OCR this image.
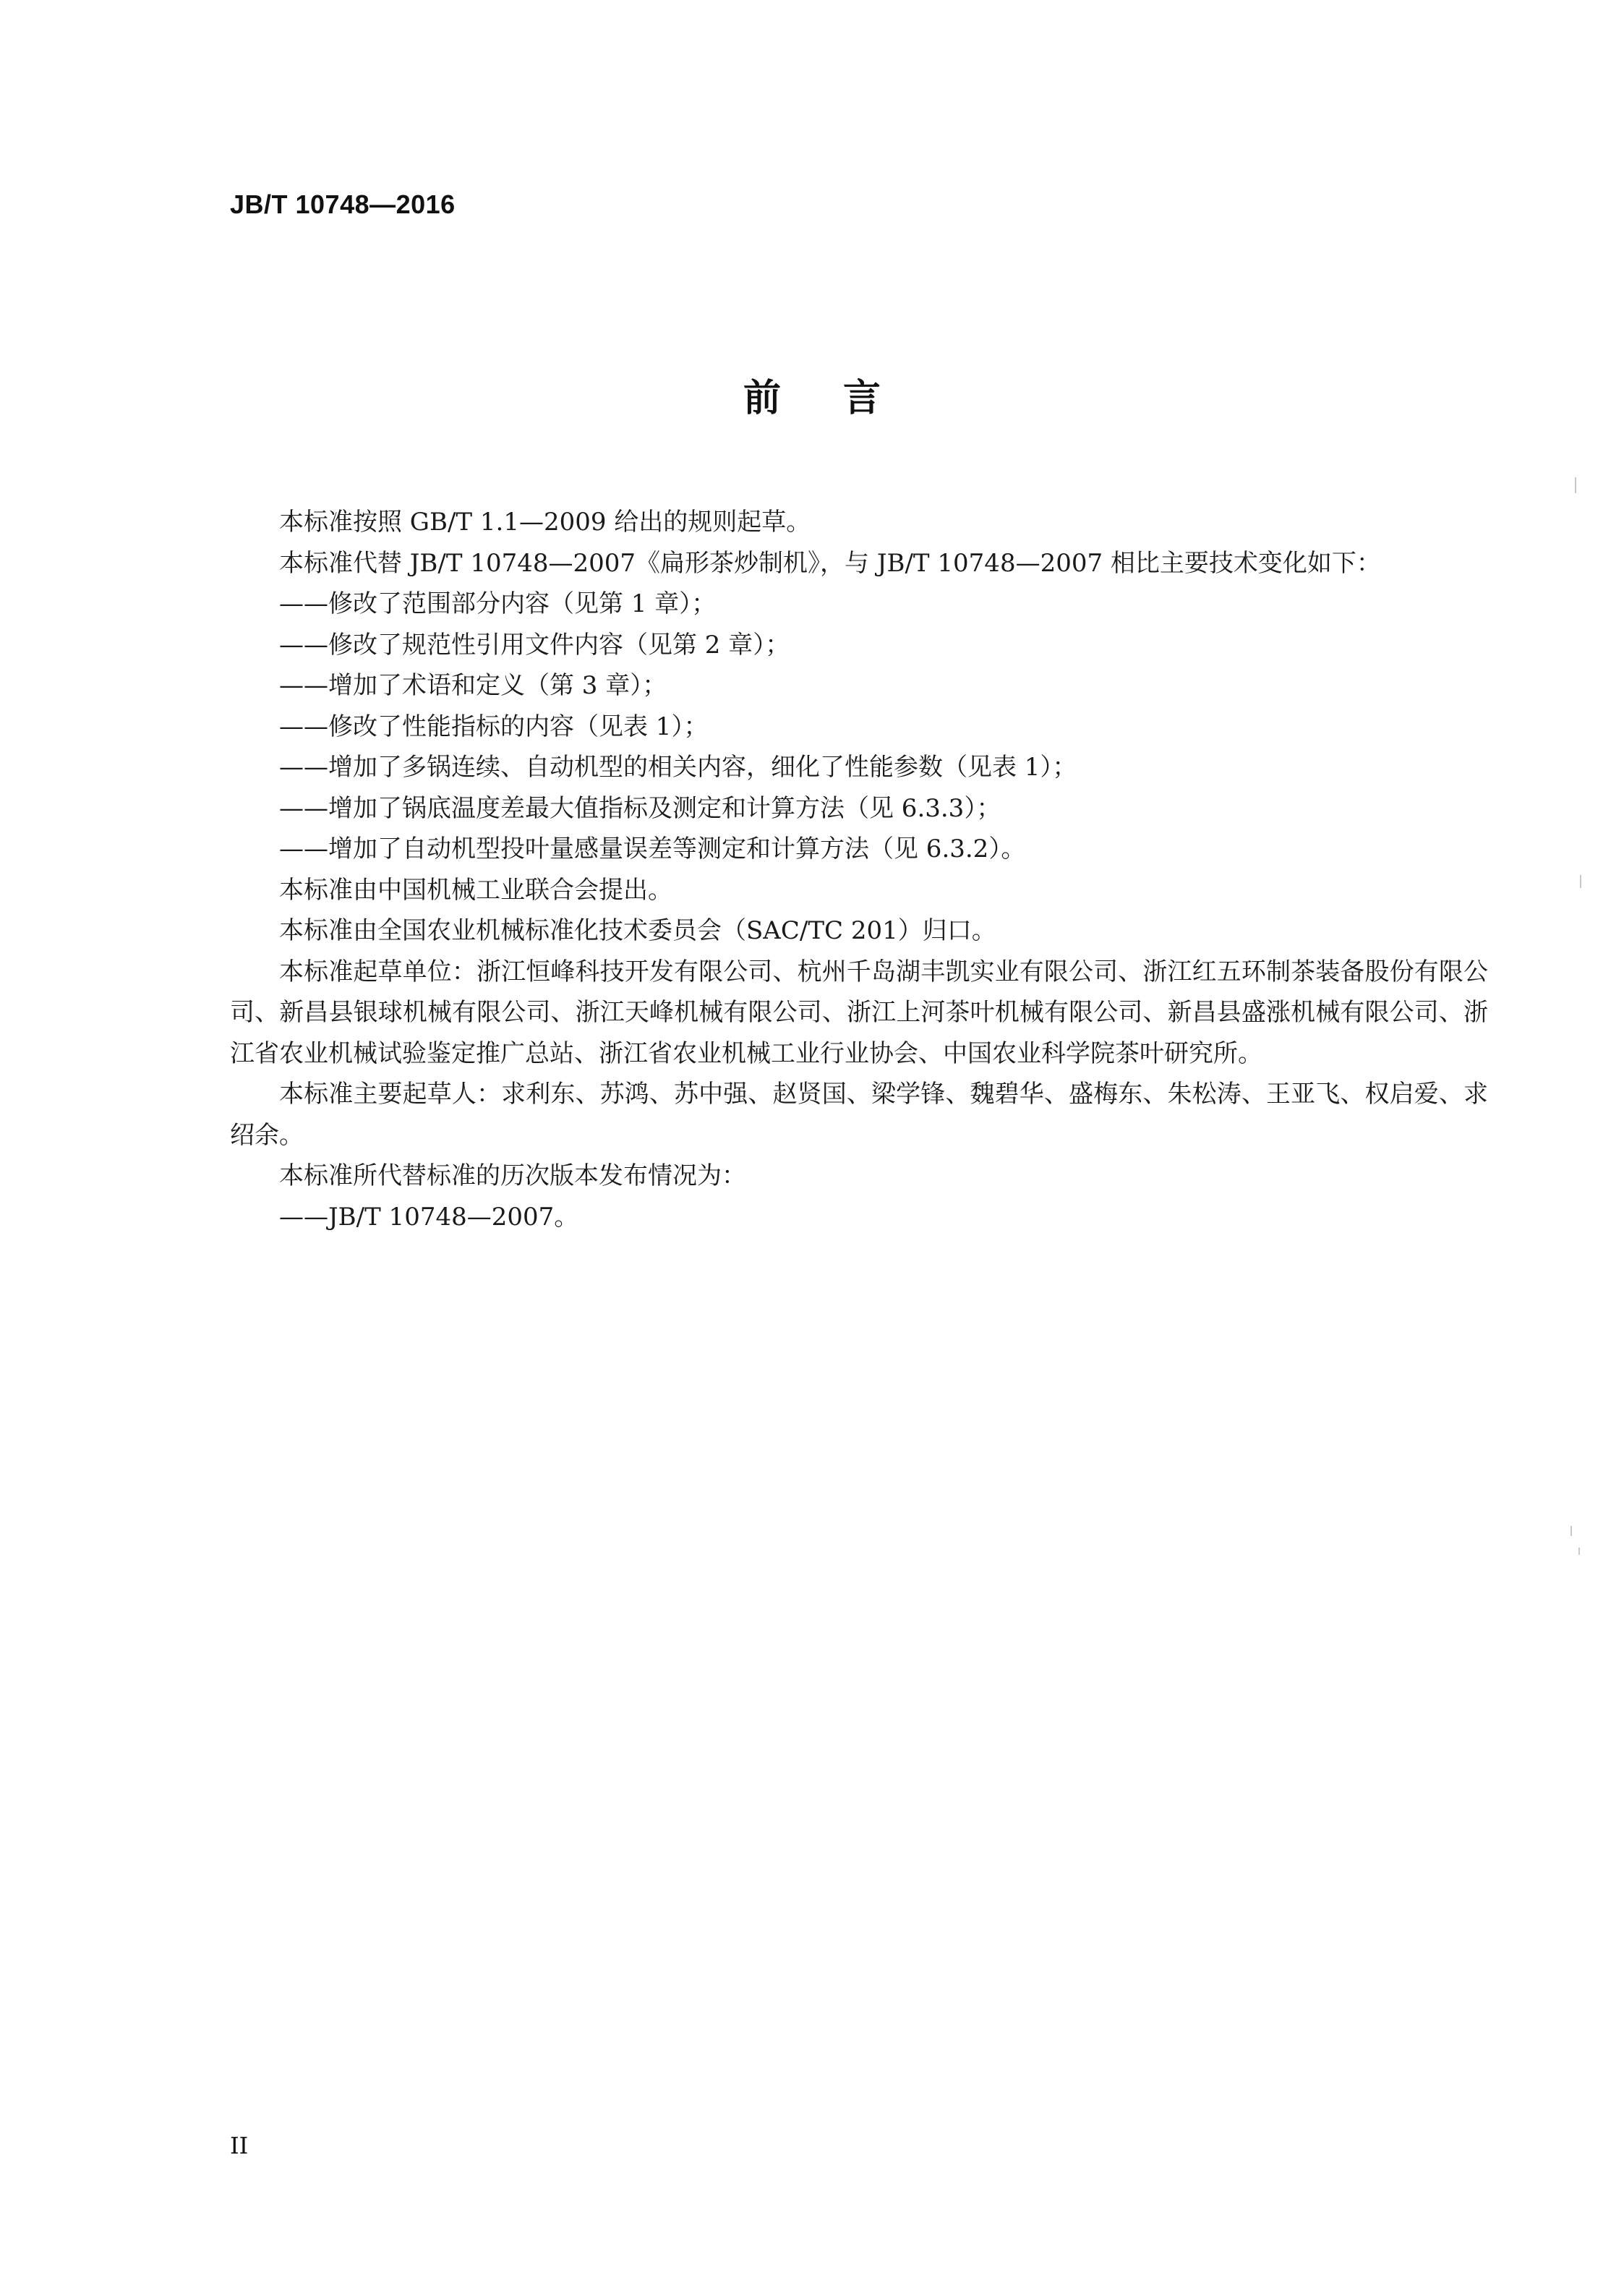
JB/T 10748—2016
前言

本标准按照 GB/T 1.1—2009 给出的规则起草。

本标准代替 JB/T 10748—2007《扁形茶炒制机》，与 JB/T 10748—2007 相比主要技术变化如下：

——修改了范围部分内容（见第 1 章）；

——修改了规范性引用文件内容（见第 2 章）；

——增加了术语和定义（第 3 章）；

——修改了性能指标的内容（见表 1）；

——增加了多锅连续、自动机型的相关内容，细化了性能参数（见表 1）；

——增加了锅底温度差最大值指标及测定和计算方法（见 6.3.3）；

——增加了自动机型投叶量感量误差等测定和计算方法（见 6.3.2）。

本标准由中国机械工业联合会提出。

本标准由全国农业机械标准化技术委员会（SAC/TC 201）归口。

本标准起草单位：浙江恒峰科技开发有限公司、杭州千岛湖丰凯实业有限公司、浙江红五环制茶装备股份有限公司、新昌县银球机械有限公司、浙江天峰机械有限公司、浙江上河茶叶机械有限公司、新昌县盛涨机械有限公司、浙江省农业机械试验鉴定推广总站、浙江省农业机械工业行业协会、中国农业科学院茶叶研究所。

本标准主要起草人：求利东、苏鸿、苏中强、赵贤国、梁学锋、魏碧华、盛梅东、朱松涛、王亚飞、权启爱、求绍余。

本标准所代替标准的历次版本发布情况为：

——JB/T 10748—2007。

II
